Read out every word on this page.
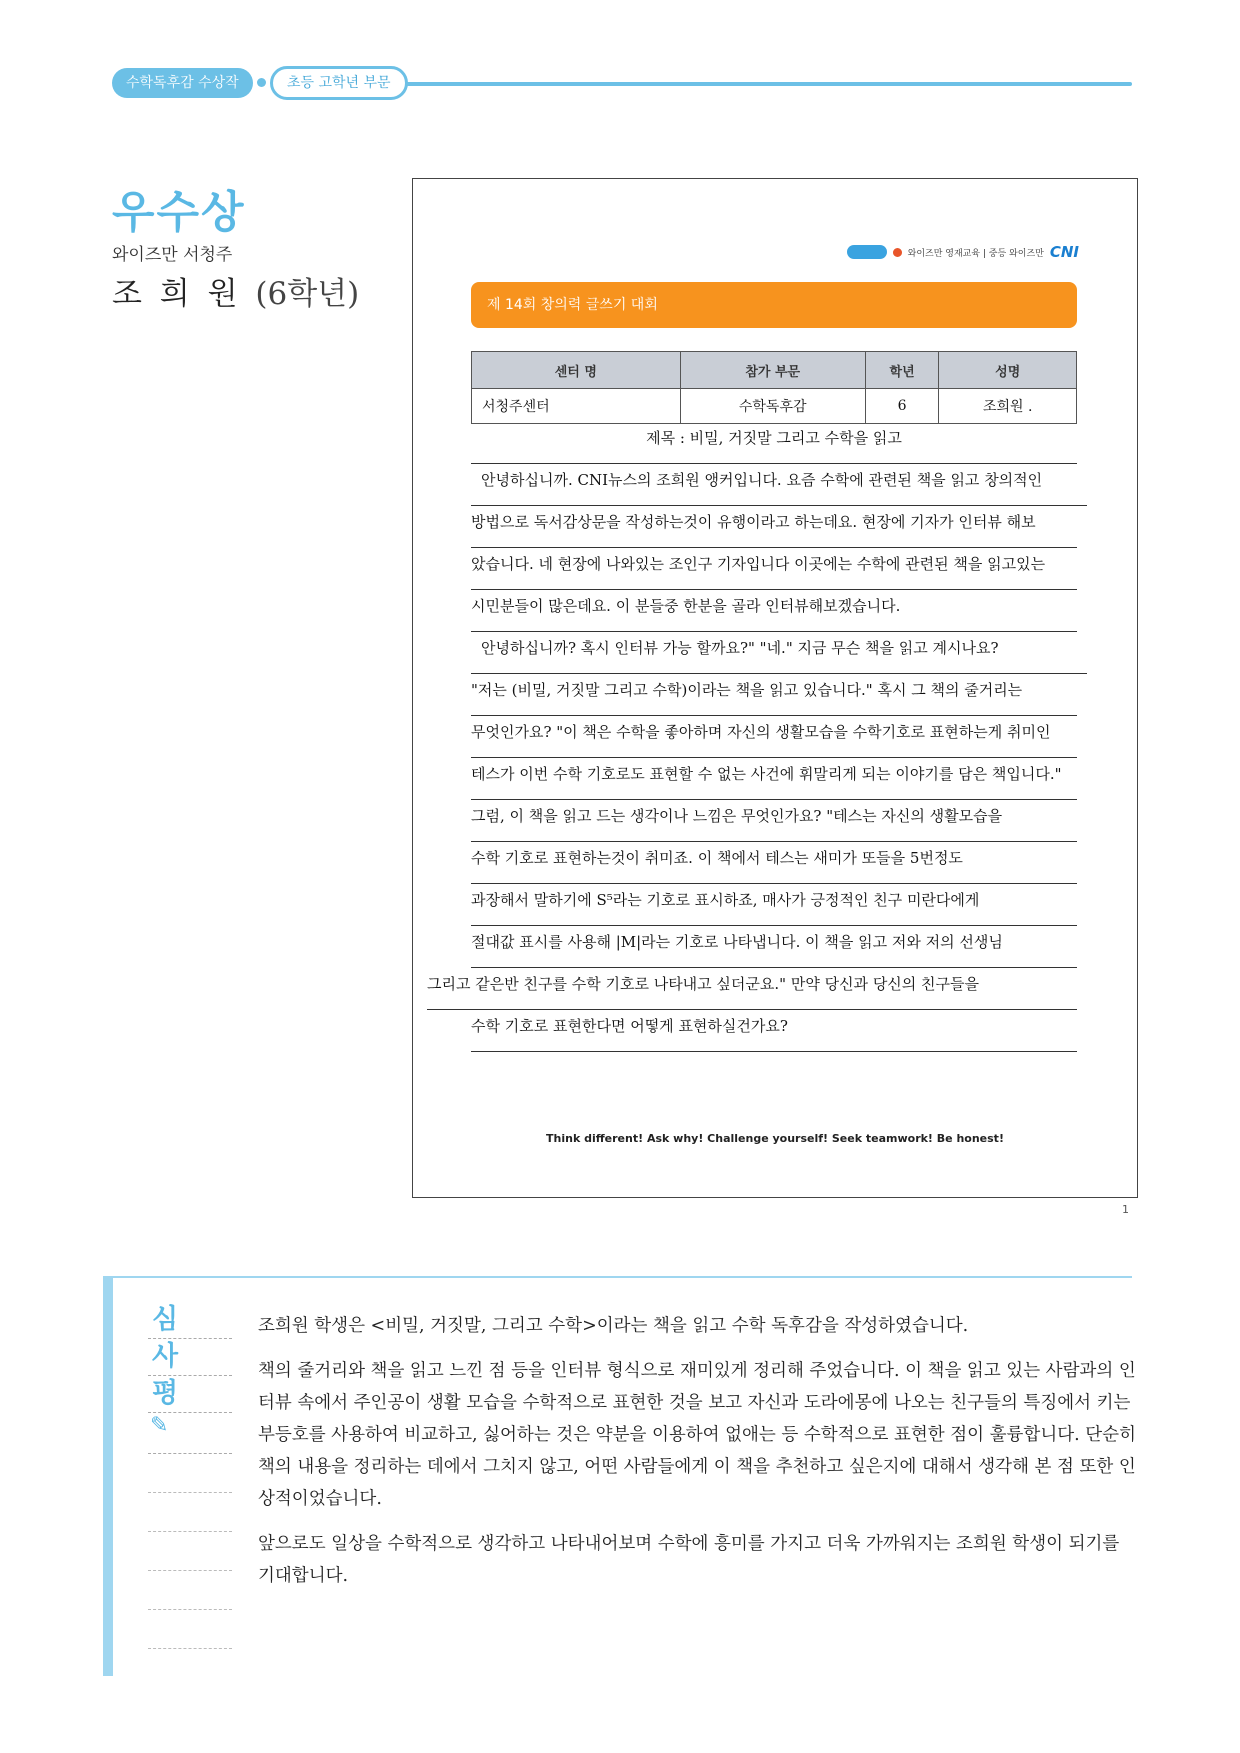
수학독후감 수상작	초등 고학년 부문
우수상
와이즈만 서청주
조 희 원 (6학년)
와이즈만 영재교육 | 중등 와이즈만 CNI
제 14회 창의력 글쓰기 대회
센터 명	참가 부문	학년	성명
서청주센터	수학독후감	6	조희원 .
제목 : 비밀, 거짓말 그리고 수학을 읽고
안녕하십니까. CNI뉴스의 조희원 앵커입니다. 요즘 수학에 관련된 책을 읽고 창의적인
방법으로 독서감상문을 작성하는것이 유행이라고 하는데요. 현장에 기자가 인터뷰 해보
았습니다. 네 현장에 나와있는 조인구 기자입니다 이곳에는 수학에 관련된 책을 읽고있는
시민분들이 많은데요. 이 분들중 한분을 골라 인터뷰해보겠습니다.
안녕하십니까? 혹시 인터뷰 가능 할까요?" "네." 지금 무슨 책을 읽고 계시나요?
"저는 (비밀, 거짓말 그리고 수학)이라는 책을 읽고 있습니다." 혹시 그 책의 줄거리는
무엇인가요? "이 책은 수학을 좋아하며 자신의 생활모습을 수학기호로 표현하는게 취미인
테스가 이번 수학 기호로도 표현할 수 없는 사건에 휘말리게 되는 이야기를 담은 책입니다."
그럼, 이 책을 읽고 드는 생각이나 느낌은 무엇인가요? "테스는 자신의 생활모습을
수학 기호로 표현하는것이 취미죠. 이 책에서 테스는 새미가 또들을 5번정도
과장해서 말하기에 S⁵라는 기호로 표시하죠, 매사가 긍정적인 친구 미란다에게
절대값 표시를 사용해 |M|라는 기호로 나타냅니다. 이 책을 읽고 저와 저의 선생님
그리고 같은반 친구를 수학 기호로 나타내고 싶더군요." 만약 당신과 당신의 친구들을
수학 기호로 표현한다면 어떻게 표현하실건가요?
Think different! Ask why! Challenge yourself! Seek teamwork! Be honest!
1
심
사
평
✎

조희원 학생은 <비밀, 거짓말, 그리고 수학>이라는 책을 읽고 수학 독후감을 작성하였습니다.

책의 줄거리와 책을 읽고 느낀 점 등을 인터뷰 형식으로 재미있게 정리해 주었습니다. 이 책을 읽고 있는 사람과의 인터뷰 속에서 주인공이 생활 모습을 수학적으로 표현한 것을 보고 자신과 도라에몽에 나오는 친구들의 특징에서 키는 부등호를 사용하여 비교하고, 싫어하는 것은 약분을 이용하여 없애는 등 수학적으로 표현한 점이 훌륭합니다. 단순히 책의 내용을 정리하는 데에서 그치지 않고, 어떤 사람들에게 이 책을 추천하고 싶은지에 대해서 생각해 본 점 또한 인상적이었습니다.

앞으로도 일상을 수학적으로 생각하고 나타내어보며 수학에 흥미를 가지고 더욱 가까워지는 조희원 학생이 되기를 기대합니다.
